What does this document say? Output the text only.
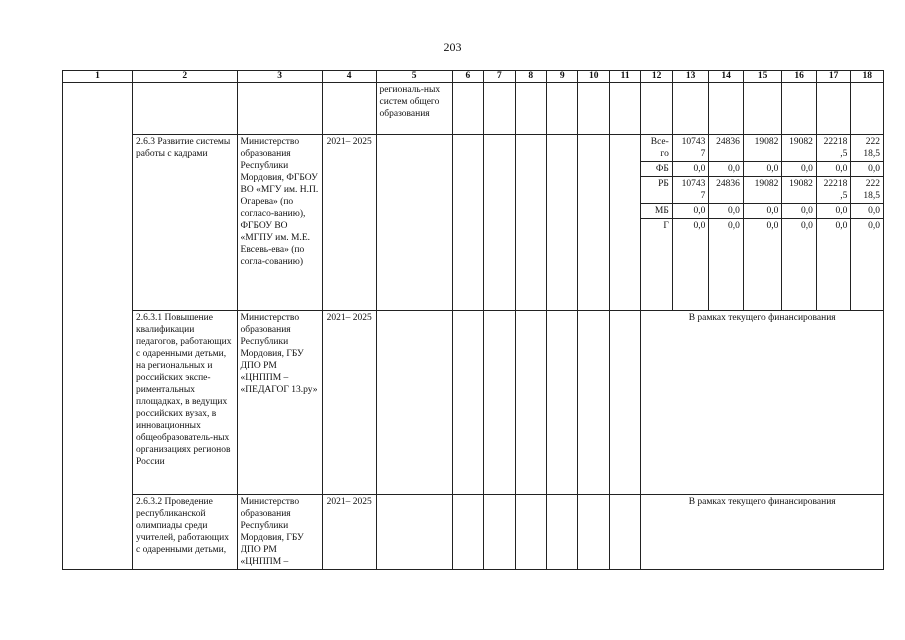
203
1	2	3	4	5	6	7	8	9	10	11	12	13	14	15	16	17	18
				региональ-ных систем общего образования													
	2.6.3 Развитие системы работы с кадрами	Министерство образования Республики Мордовия, ФГБОУ ВО «МГУ им. Н.П. Огарева» (по согласо-ванию), ФГБОУ ВО «МГПУ им. М.Е. Евсевь-ева» (по согла-сованию)	2021– 2025								Все-го	10743 7	24836	19082	19082	22218 ,5	222 18,5
											ФБ	0,0	0,0	0,0	0,0	0,0	0,0
											РБ	10743 7	24836	19082	19082	22218 ,5	222 18,5
											МБ	0,0	0,0	0,0	0,0	0,0	0,0
											Г	0,0	0,0	0,0	0,0	0,0	0,0
	2.6.3.1 Повышение квалификации педагогов, работающих с одаренными детьми, на региональных и российских экспе-риментальных площадках, в ведущих российских вузах, в инновационных общеобразователь-ных организациях регионов России	Министерство образования Республики Мордовия, ГБУ ДПО РМ «ЦНППМ – «ПЕДАГОГ 13.ру»	2021– 2025								В рамках текущего финансирования						

	2.6.3.2 Проведение республиканской олимпиады среди учителей, работающих с одаренными детьми,	Министерство образования Республики Мордовия, ГБУ ДПО РМ «ЦНППМ –	2021– 2025								В рамках текущего финансирования						
